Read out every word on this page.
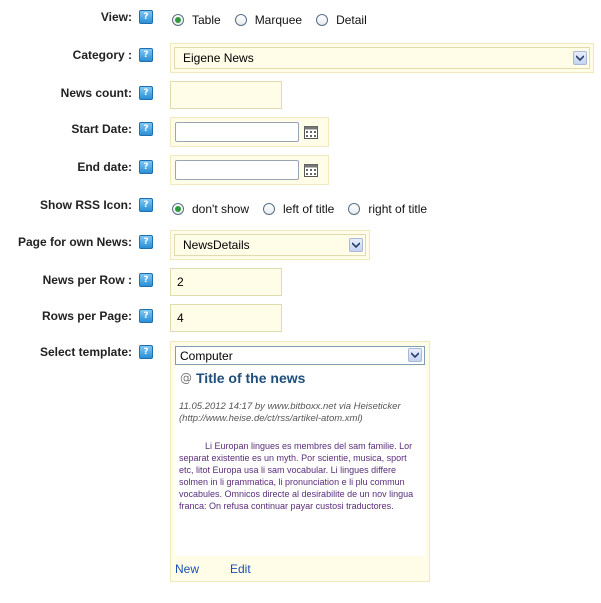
View:	?	Table	Marquee	Detail
Category :	?	Eigene News
News count:	?
Start Date:	?
End date:	?
Show RSS Icon:	?	don't show	left of title	right of title
Page for own News:	?	NewsDetails
News per Row :	?	2
Rows per Page:	?	4
Select template:	?	Computer
@ Title of the news
11.05.2012 14:17 by www.bitboxx.net via Heiseticker (http://www.heise.de/ct/rss/artikel-atom.xml)
Li Europan lingues es membres del sam familie. Lor separat existentie es un myth. Por scientie, musica, sport etc, litot Europa usa li sam vocabular. Li lingues differe solmen in li grammatica, li pronunciation e li plu commun vocabules. Omnicos directe al desirabilite de un nov lingua franca: On refusa continuar payar custosi traductores.
New	Edit
